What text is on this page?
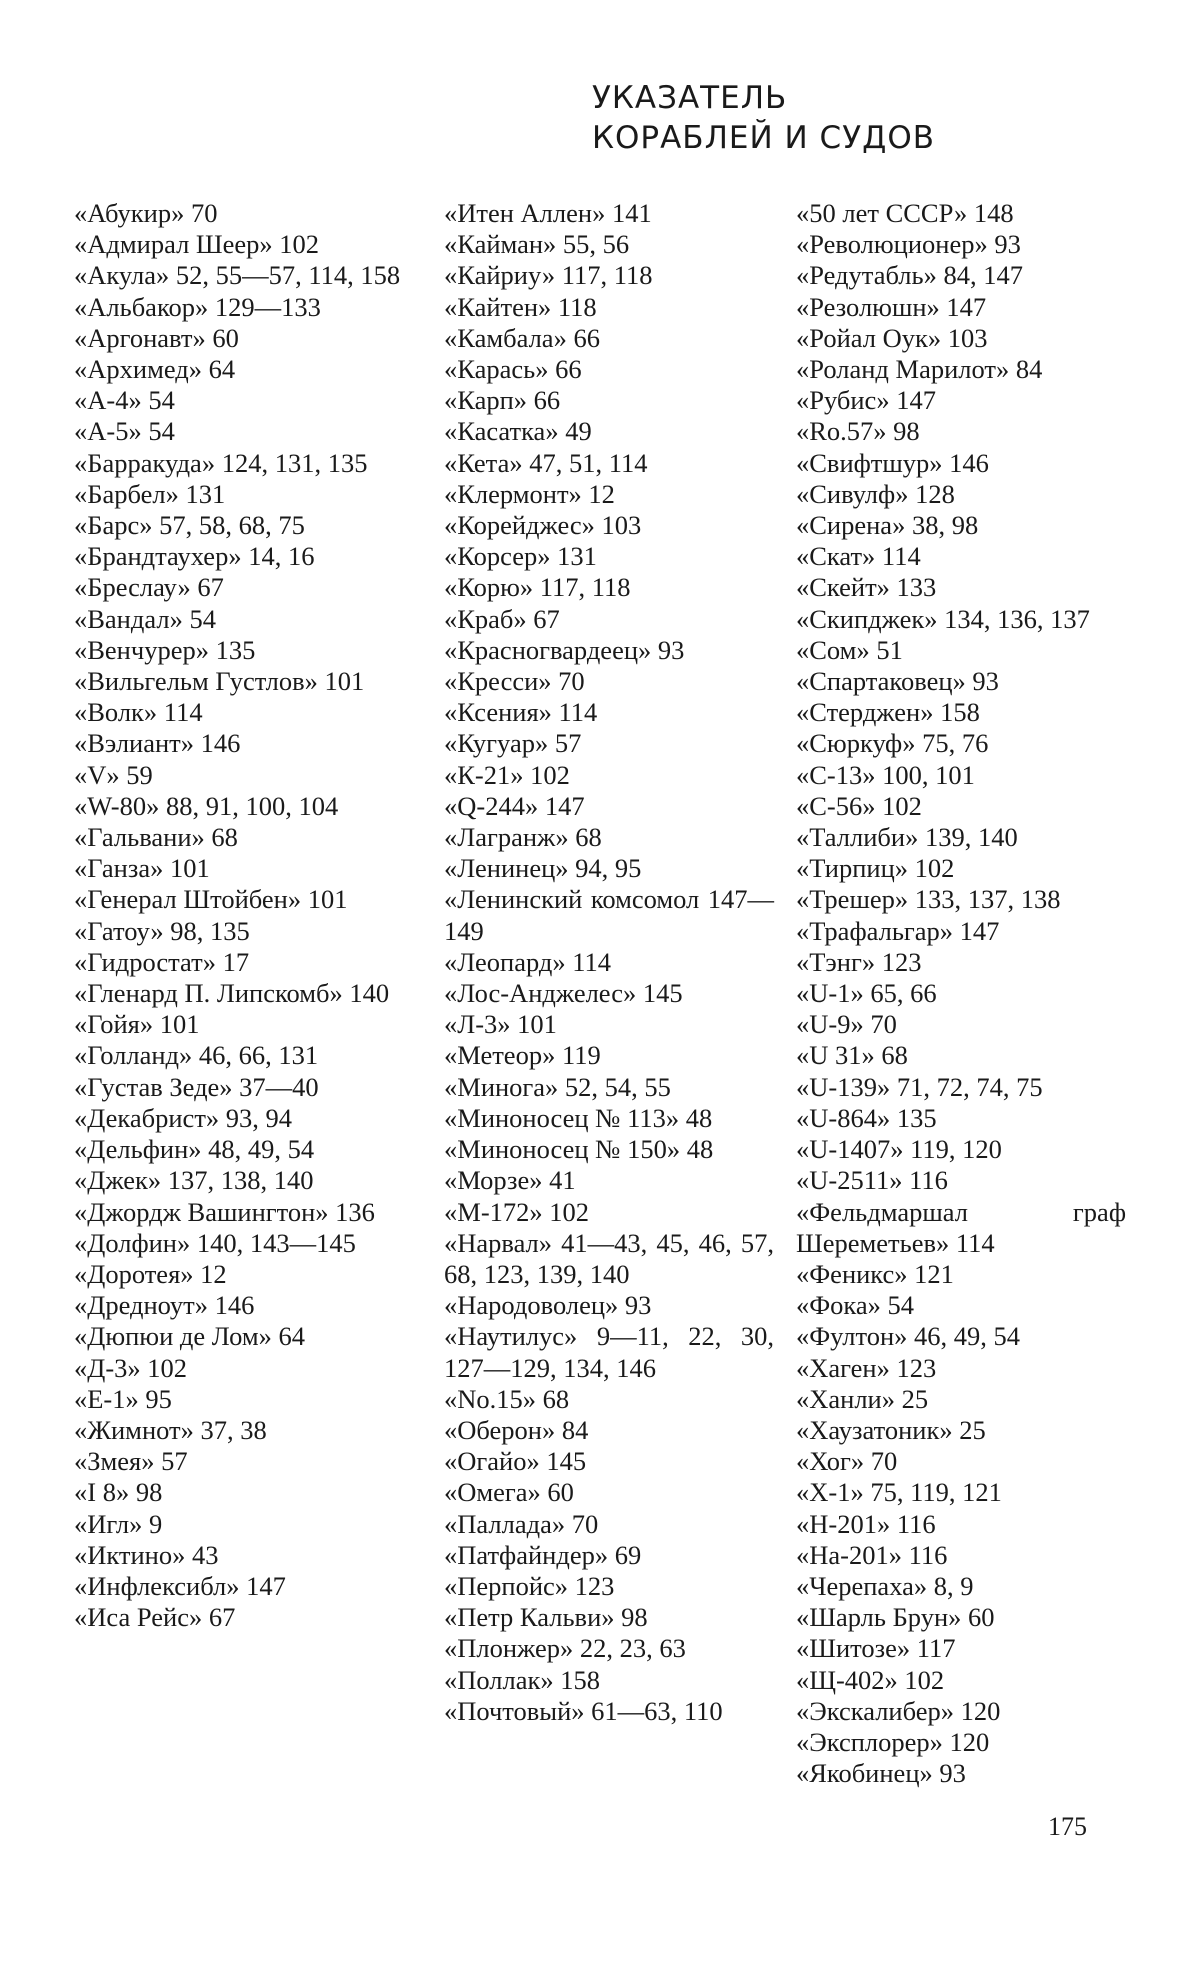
УКАЗАТЕЛЬ
КОРАБЛЕЙ И СУДОВ

«Абукир» 70

«Адмирал Шеер» 102

«Акула» 52, 55—57, 114, 158

«Альбакор» 129—133

«Аргонавт» 60

«Архимед» 64

«А-4» 54

«А-5» 54

«Барракуда» 124, 131, 135

«Барбел» 131

«Барс» 57, 58, 68, 75

«Брандтаухер» 14, 16

«Бреслау» 67

«Вандал» 54

«Венчурер» 135

«Вильгельм Густлов» 101

«Волк» 114

«Вэлиант» 146

«V» 59

«W-80» 88, 91, 100, 104

«Гальвани» 68

«Ганза» 101

«Генерал Штойбен» 101

«Гатоу» 98, 135

«Гидростат» 17

«Гленард П. Липскомб» 140

«Гойя» 101

«Голланд» 46, 66, 131

«Густав Зеде» 37—40

«Декабрист» 93, 94

«Дельфин» 48, 49, 54

«Джек» 137, 138, 140

«Джордж Вашингтон» 136

«Долфин» 140, 143—145

«Доротея» 12

«Дредноут» 146

«Дюпюи де Лом» 64

«Д-3» 102

«Е-1» 95

«Жимнот» 37, 38

«Змея» 57

«I 8» 98

«Игл» 9

«Иктино» 43

«Инфлексибл» 147

«Иса Рейс» 67

«Итен Аллен» 141

«Кайман» 55, 56

«Кайриу» 117, 118

«Кайтен» 118

«Камбала» 66

«Карась» 66

«Карп» 66

«Касатка» 49

«Кета» 47, 51, 114

«Клермонт» 12

«Корейджес» 103

«Корсер» 131

«Корю» 117, 118

«Краб» 67

«Красногвардеец» 93

«Кресси» 70

«Ксения» 114

«Кугуар» 57

«К-21» 102

«Q-244» 147

«Лагранж» 68

«Ленинец» 94, 95

«Ленинский комсомол 147—149

«Леопард» 114

«Лос-Анджелес» 145

«Л-3» 101

«Метеор» 119

«Минога» 52, 54, 55

«Миноносец № 113» 48

«Миноносец № 150» 48

«Морзе» 41

«М-172» 102

«Нарвал» 41—43, 45, 46, 57, 68, 123, 139, 140

«Народоволец» 93

«Наутилус» 9—11, 22, 30, 127—129, 134, 146

«No.15» 68

«Оберон» 84

«Огайо» 145

«Омега» 60

«Паллада» 70

«Патфайндер» 69

«Перпойс» 123

«Петр Кальви» 98

«Плонжер» 22, 23, 63

«Поллак» 158

«Почтовый» 61—63, 110

«50 лет СССР» 148

«Революционер» 93

«Редутабль» 84, 147

«Резолюшн» 147

«Ройал Оук» 103

«Роланд Марилот» 84

«Рубис» 147

«Ro.57» 98

«Свифтшур» 146

«Сивулф» 128

«Сирена» 38, 98

«Скат» 114

«Скейт» 133

«Скипджек» 134, 136, 137

«Сом» 51

«Спартаковец» 93

«Стерджен» 158

«Сюркуф» 75, 76

«С-13» 100, 101

«С-56» 102

«Таллиби» 139, 140

«Тирпиц» 102

«Трешер» 133, 137, 138

«Трафальгар» 147

«Тэнг» 123

«U-1» 65, 66

«U-9» 70

«U 31» 68

«U-139» 71, 72, 74, 75

«U-864» 135

«U-1407» 119, 120

«U-2511» 116

«Фельдмаршал граф Шереметьев» 114

«Феникс» 121

«Фока» 54

«Фултон» 46, 49, 54

«Хаген» 123

«Ханли» 25

«Хаузатоник» 25

«Хог» 70

«Х-1» 75, 119, 121

«Н-201» 116

«На-201» 116

«Черепаха» 8, 9

«Шарль Брун» 60

«Шитозе» 117

«Щ-402» 102

«Экскалибер» 120

«Эксплорер» 120

«Якобинец» 93

175
